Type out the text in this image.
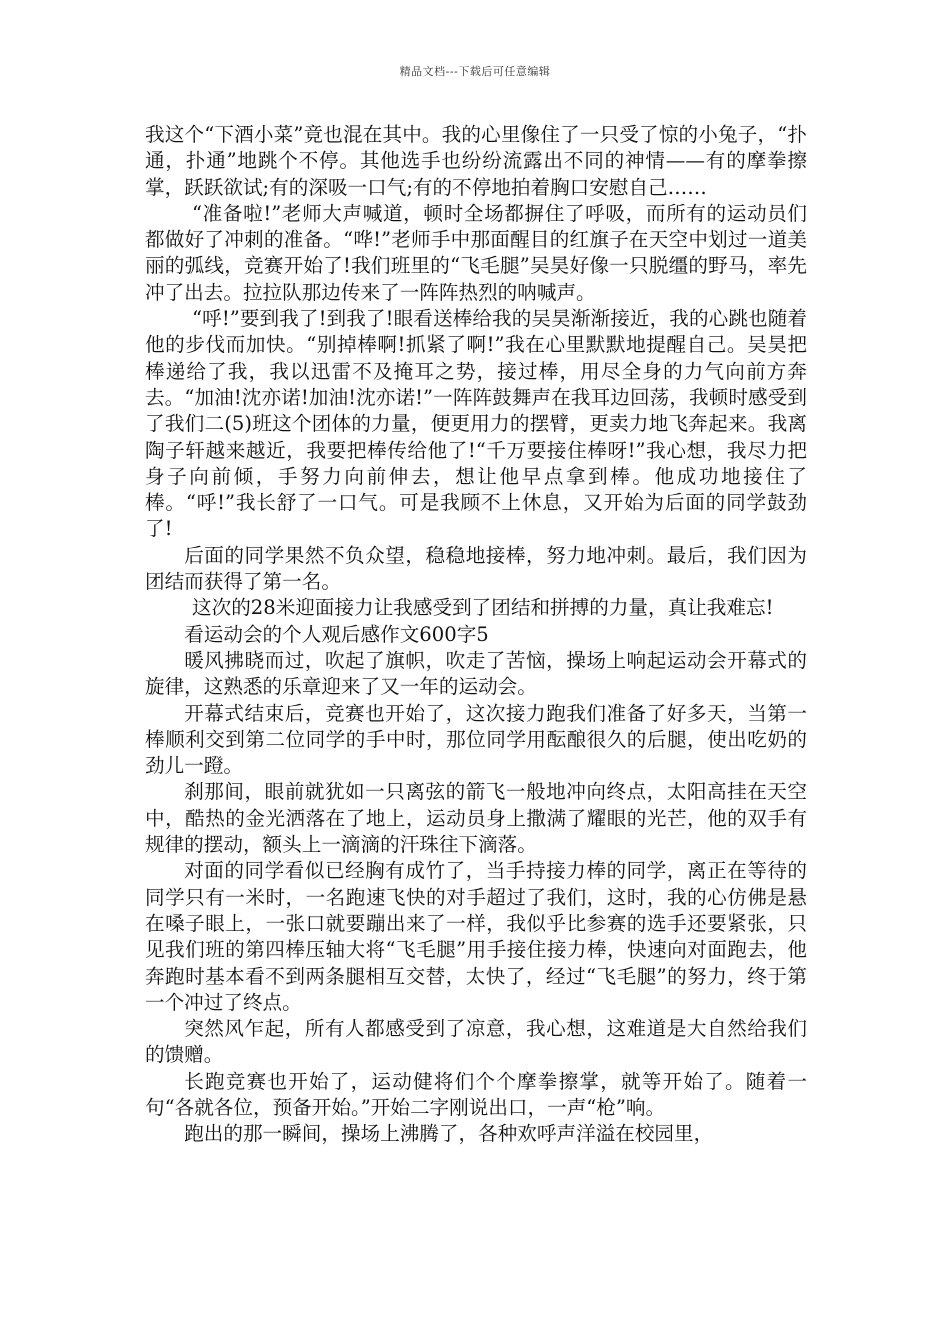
精品文档---下载后可任意编辑

我这个“下酒小菜”竟也混在其中。我的心里像住了一只受了惊的小兔子，“扑通，扑通”地跳个不停。其他选手也纷纷流露出不同的神情——有的摩拳擦掌，跃跃欲试;有的深吸一口气;有的不停地拍着胸口安慰自己……

“准备啦!”老师大声喊道，顿时全场都摒住了呼吸，而所有的运动员们都做好了冲刺的准备。“哗!”老师手中那面醒目的红旗子在天空中划过一道美丽的弧线，竞赛开始了!我们班里的“飞毛腿”吴昊好像一只脱缰的野马，率先冲了出去。拉拉队那边传来了一阵阵热烈的呐喊声。

“呼!”要到我了!到我了!眼看送棒给我的吴昊渐渐接近，我的心跳也随着他的步伐而加快。“别掉棒啊!抓紧了啊!”我在心里默默地提醒自己。吴昊把棒递给了我，我以迅雷不及掩耳之势，接过棒，用尽全身的力气向前方奔去。“加油!沈亦诺!加油!沈亦诺!”一阵阵鼓舞声在我耳边回荡，我顿时感受到了我们二(5)班这个团体的力量，便更用力的摆臂，更卖力地飞奔起来。我离陶子轩越来越近，我要把棒传给他了!“千万要接住棒呀!”我心想，我尽力把身子向前倾，手努力向前伸去，想让他早点拿到棒。他成功地接住了棒。“呼!”我长舒了一口气。可是我顾不上休息，又开始为后面的同学鼓劲了!

后面的同学果然不负众望，稳稳地接棒，努力地冲刺。最后，我们因为团结而获得了第一名。

这次的28米迎面接力让我感受到了团结和拼搏的力量，真让我难忘!

看运动会的个人观后感作文600字5

暖风拂晓而过，吹起了旗帜，吹走了苦恼，操场上响起运动会开幕式的旋律，这熟悉的乐章迎来了又一年的运动会。

开幕式结束后，竞赛也开始了，这次接力跑我们准备了好多天，当第一棒顺利交到第二位同学的手中时，那位同学用酝酿很久的后腿，使出吃奶的劲儿一蹬。

刹那间，眼前就犹如一只离弦的箭飞一般地冲向终点，太阳高挂在天空中，酷热的金光洒落在了地上，运动员身上撒满了耀眼的光芒，他的双手有规律的摆动，额头上一滴滴的汗珠往下滴落。

对面的同学看似已经胸有成竹了，当手持接力棒的同学，离正在等待的同学只有一米时，一名跑速飞快的对手超过了我们，这时，我的心仿佛是悬在嗓子眼上，一张口就要蹦出来了一样，我似乎比参赛的选手还要紧张，只见我们班的第四棒压轴大将“飞毛腿”用手接住接力棒，快速向对面跑去，他奔跑时基本看不到两条腿相互交替，太快了，经过“飞毛腿”的努力，终于第一个冲过了终点。

突然风乍起，所有人都感受到了凉意，我心想，这难道是大自然给我们的馈赠。

长跑竞赛也开始了，运动健将们个个摩拳擦掌，就等开始了。随着一句“各就各位，预备开始。”开始二字刚说出口，一声“枪”响。

跑出的那一瞬间，操场上沸腾了，各种欢呼声洋溢在校园里，
